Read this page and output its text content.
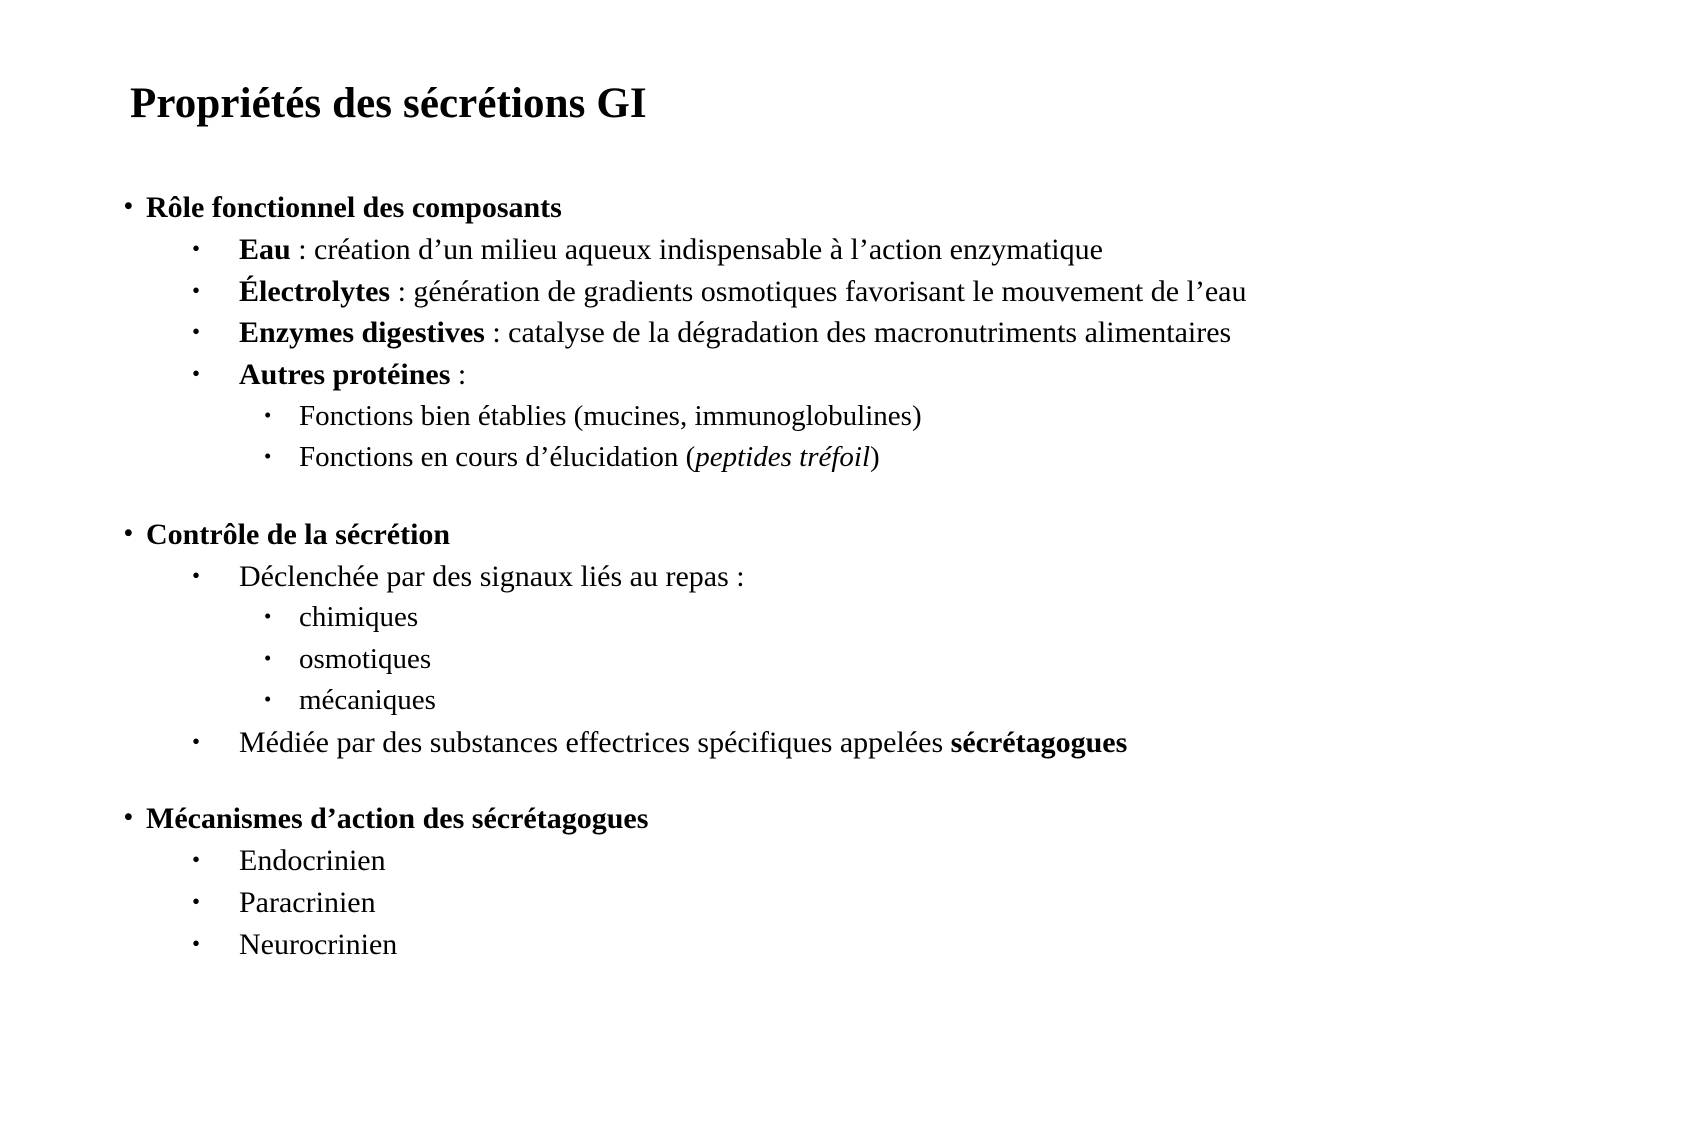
Propriétés des sécrétions GI
• Rôle fonctionnel des composants
• Eau : création d’un milieu aqueux indispensable à l’action enzymatique
• Électrolytes : génération de gradients osmotiques favorisant le mouvement de l’eau
• Enzymes digestives : catalyse de la dégradation des macronutriments alimentaires
• Autres protéines :
• Fonctions bien établies (mucines, immunoglobulines)
• Fonctions en cours d’élucidation (peptides tréfoil)
• Contrôle de la sécrétion
• Déclenchée par des signaux liés au repas :
• chimiques
• osmotiques
• mécaniques
• Médiée par des substances effectrices spécifiques appelées sécrétagogues
• Mécanismes d’action des sécrétagogues
• Endocrinien
• Paracrinien
• Neurocrinien
